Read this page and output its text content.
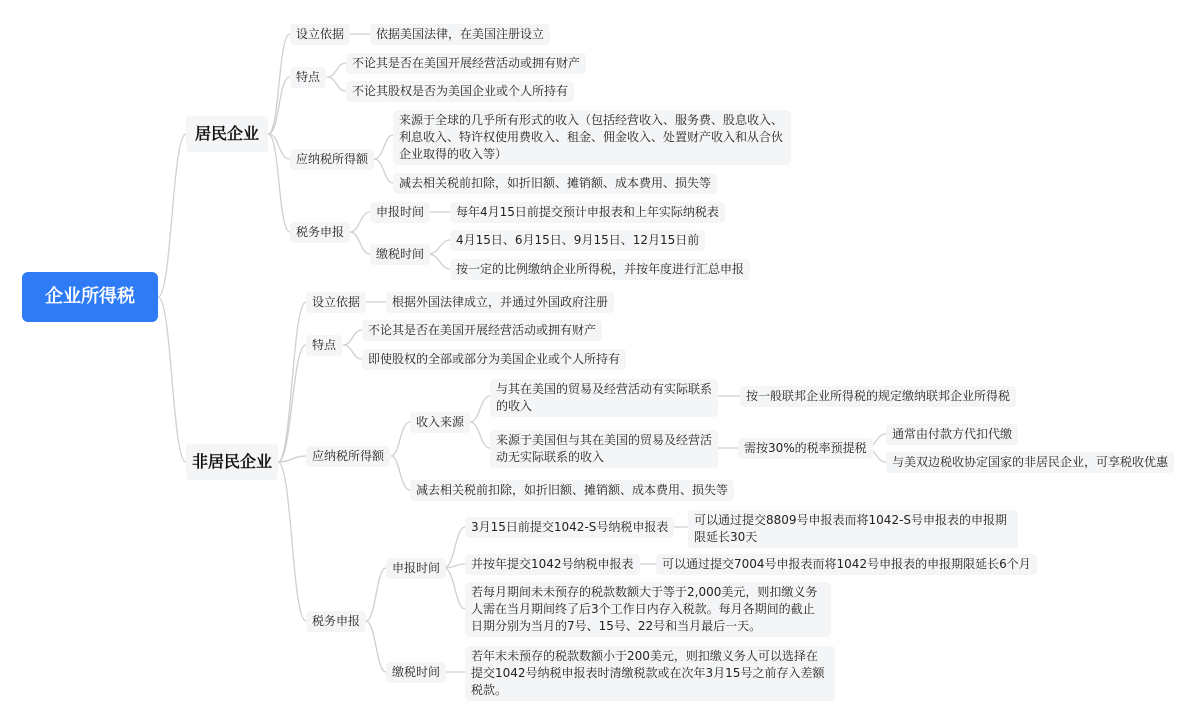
企业所得税
居民企业
非居民企业
设立依据	依据美国法律，在美国注册设立
特点
不论其是否在美国开展经营活动或拥有财产
不论其股权是否为美国企业或个人所持有
应纳税所得额
来源于全球的几乎所有形式的收入（包括经营收入、服务费、股息收入、利息收入、特许权使用费收入、租金、佣金收入、处置财产收入和从合伙企业取得的收入等）
减去相关税前扣除，如折旧额、摊销额、成本费用、损失等
税务申报
申报时间	每年4月15日前提交预计申报表和上年实际纳税表
缴税时间
4月15日、6月15日、9月15日、12月15日前
按一定的比例缴纳企业所得税，并按年度进行汇总申报
设立依据	根据外国法律成立，并通过外国政府注册
特点
不论其是否在美国开展经营活动或拥有财产
即使股权的全部或部分为美国企业或个人所持有
应纳税所得额
收入来源
与其在美国的贸易及经营活动有实际联系的收入
按一般联邦企业所得税的规定缴纳联邦企业所得税
来源于美国但与其在美国的贸易及经营活动无实际联系的收入
需按30%的税率预提税
通常由付款方代扣代缴
与美双边税收协定国家的非居民企业，可享税收优惠
减去相关税前扣除，如折旧额、摊销额、成本费用、损失等
税务申报
申报时间
3月15日前提交1042-S号纳税申报表	可以通过提交8809号申报表而将1042-S号申报表的申报期限延长30天
并按年提交1042号纳税申报表	可以通过提交7004号申报表而将1042号申报表的申报期限延长6个月
若每月期间未未预存的税款数额大于等于2,000美元，则扣缴义务人需在当月期间终了后3个工作日内存入税款。每月各期间的截止日期分别为当月的7号、15号、22号和当月最后一天。
缴税时间
若年末未预存的税款数额小于200美元，则扣缴义务人可以选择在提交1042号纳税申报表时清缴税款或在次年3月15号之前存入差额税款。
